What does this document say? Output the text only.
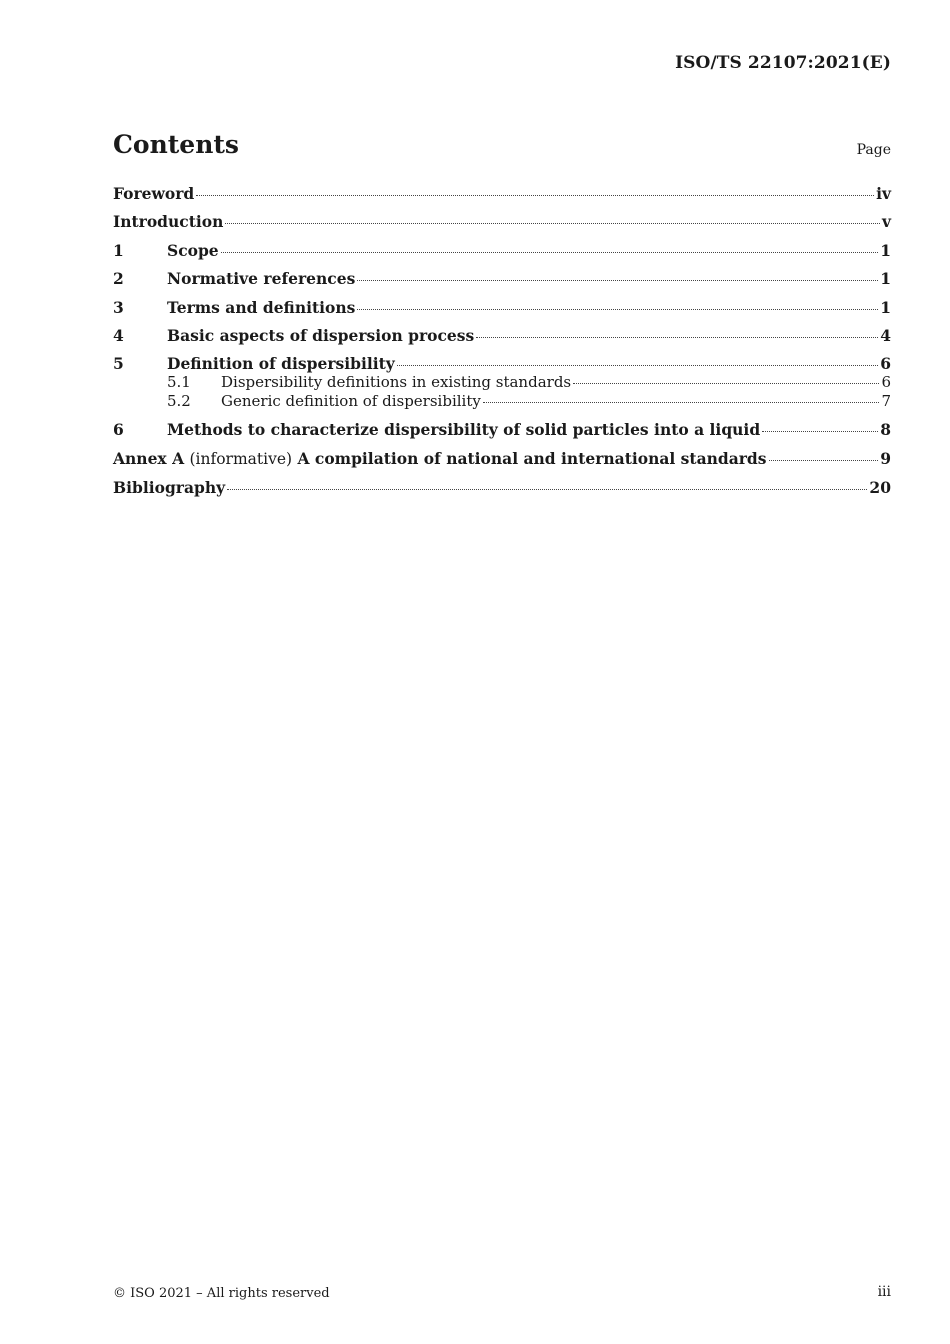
ISO/TS 22107:2021(E)
Contents	Page
Foreword	iv
Introduction	v
1	Scope	1
2	Normative references	1
3	Terms and definitions	1
4	Basic aspects of dispersion process	4
5	Definition of dispersibility	6
5.1	Dispersibility definitions in existing standards	6
5.2	Generic definition of dispersibility	7
6	Methods to characterize dispersibility of solid particles into a liquid	8
Annex A (informative) A compilation of national and international standards	9
Bibliography	20
© ISO 2021 – All rights reserved	iii
